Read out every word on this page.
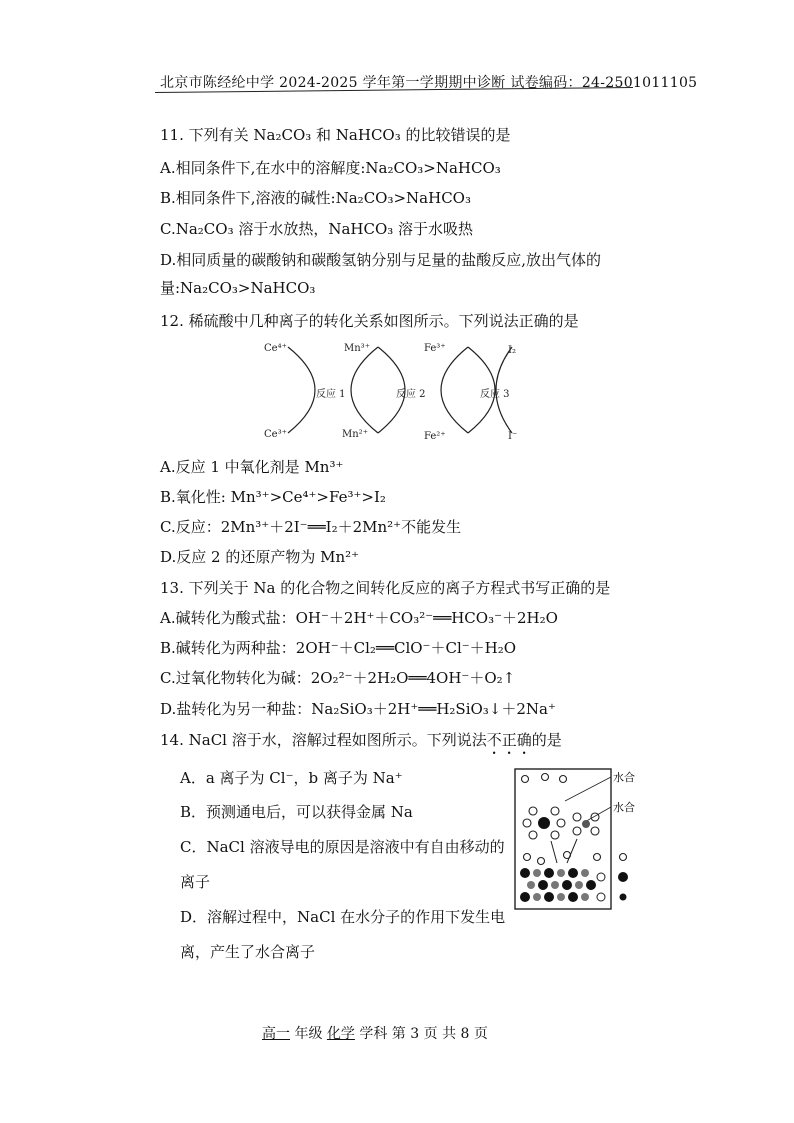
北京市陈经纶中学 2024-2025 学年第一学期期中诊断 试卷编码：24-2501011105
11. 下列有关 Na₂CO₃ 和 NaHCO₃ 的比较错误的是
A.相同条件下,在水中的溶解度:Na₂CO₃>NaHCO₃
B.相同条件下,溶液的碱性:Na₂CO₃>NaHCO₃
C.Na₂CO₃ 溶于水放热，NaHCO₃ 溶于水吸热
D.相同质量的碳酸钠和碳酸氢钠分别与足量的盐酸反应,放出气体的
量:Na₂CO₃>NaHCO₃
12. 稀硫酸中几种离子的转化关系如图所示。下列说法正确的是
Ce⁴⁺
Ce³⁺
Mn³⁺
Mn²⁺
Fe³⁺
Fe²⁺
I₂
I⁻
反应 1	反应 2	反应 3
A.反应 1 中氧化剂是 Mn³⁺
B.氧化性: Mn³⁺>Ce⁴⁺>Fe³⁺>I₂
C.反应：2Mn³⁺＋2I⁻══I₂＋2Mn²⁺不能发生
D.反应 2 的还原产物为 Mn²⁺
13. 下列关于 Na 的化合物之间转化反应的离子方程式书写正确的是
A.碱转化为酸式盐：OH⁻＋2H⁺＋CO₃²⁻══HCO₃⁻＋2H₂O
B.碱转化为两种盐：2OH⁻＋Cl₂══ClO⁻＋Cl⁻＋H₂O
C.过氧化物转化为碱：2O₂²⁻＋2H₂O══4OH⁻＋O₂↑
D.盐转化为另一种盐：Na₂SiO₃＋2H⁺══H₂SiO₃↓＋2Na⁺
14. NaCl 溶于水，溶解过程如图所示。下列说法不正确的是
A．a 离子为 Cl⁻，b 离子为 Na⁺
B．预测通电后，可以获得金属 Na
C．NaCl 溶液导电的原因是溶液中有自由移动的
离子
D．溶解过程中，NaCl 在水分子的作用下发生电
离，产生了水合离子
水合
水合
高一 年级 化学 学科 第 3 页 共 8 页
